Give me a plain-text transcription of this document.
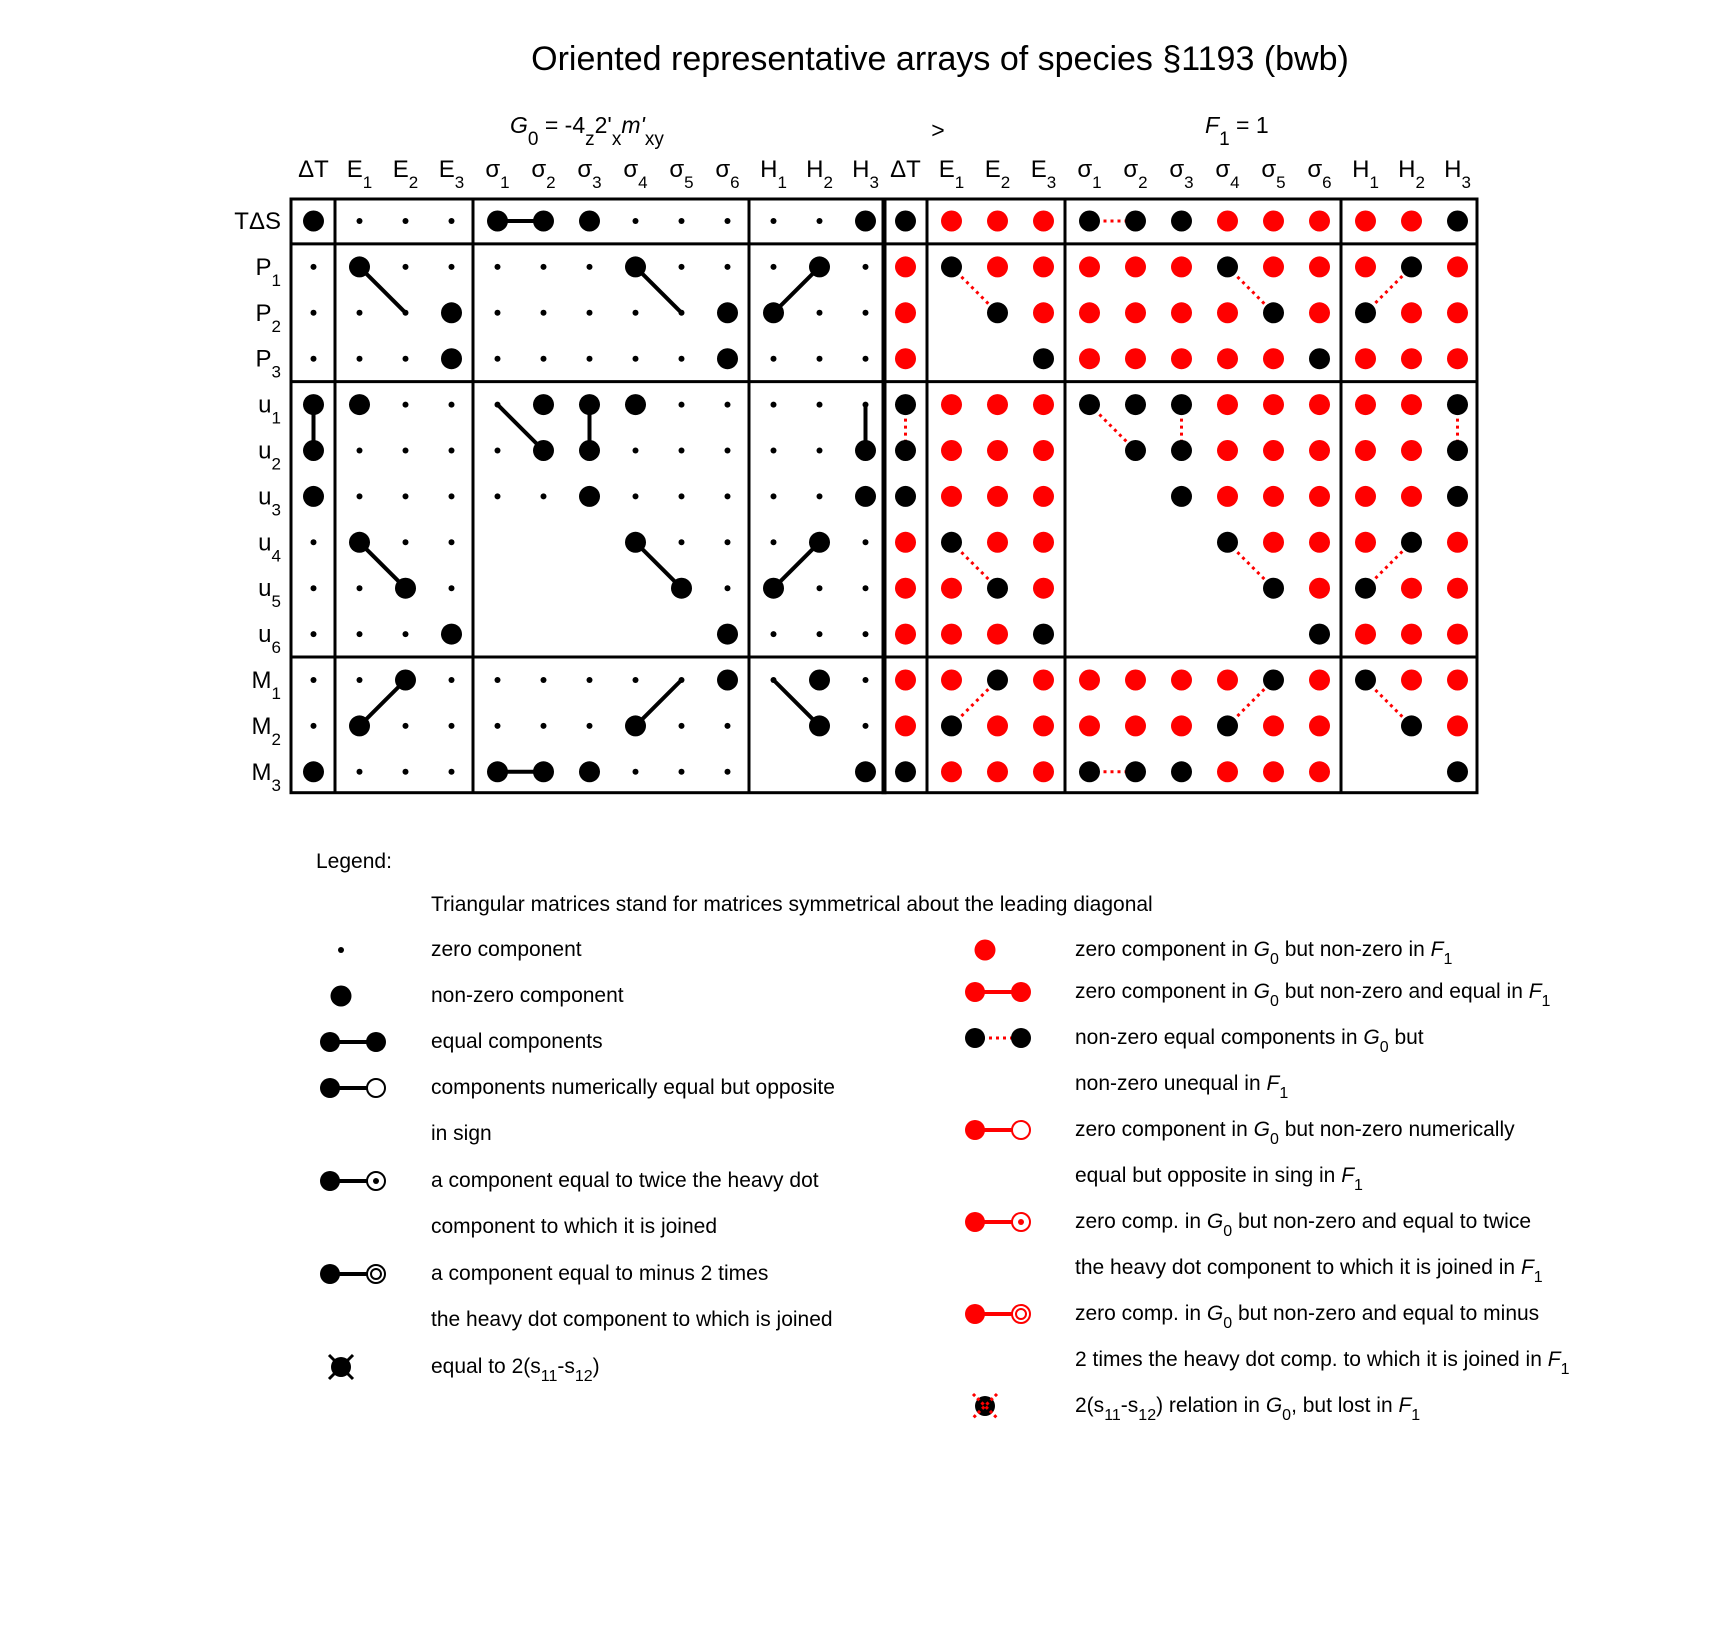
Oriented representative arrays of species §1193 (bwb)
$G_0 = -4_z2'_xm'_{xy}$	>	$F_1 = 1$
ΔT $E_1$ $E_2$ $E_3$ $\sigma_1$ $\sigma_2$ $\sigma_3$ $\sigma_4$ $\sigma_5$ $\sigma_6$ $H_1$ $H_2$ $H_3$
TΔS
$P_1$
$P_2$
$P_3$
$u_1$
$u_2$
$u_3$
$u_4$
$u_5$
$u_6$
$M_1$
$M_2$
$M_3$
ΔT $E_1$ $E_2$ $E_3$ $\sigma_1$ $\sigma_2$ $\sigma_3$ $\sigma_4$ $\sigma_5$ $\sigma_6$ $H_1$ $H_2$ $H_3$
Legend:
Triangular matrices stand for matrices symmetrical about the leading diagonal
zero component
non-zero component
equal components
components numerically equal but opposite
in sign
a component equal to twice the heavy dot
component to which it is joined
a component equal to minus 2 times
the heavy dot component to which is joined
equal to $2(s_{11}-s_{12})$
zero component in $G_0$ but non-zero in $F_1$
zero component in $G_0$ but non-zero and equal in $F_1$
non-zero equal components in $G_0$ but
non-zero unequal in $F_1$
zero component in $G_0$ but non-zero numerically
equal but opposite in sing in $F_1$
zero comp. in $G_0$ but non-zero and equal to twice
the heavy dot component to which it is joined in $F_1$
zero comp. in $G_0$ but non-zero and equal to minus
2 times the heavy dot comp. to which it is joined in $F_1$
$2(s_{11}-s_{12})$ relation in $G_0$, but lost in $F_1$
